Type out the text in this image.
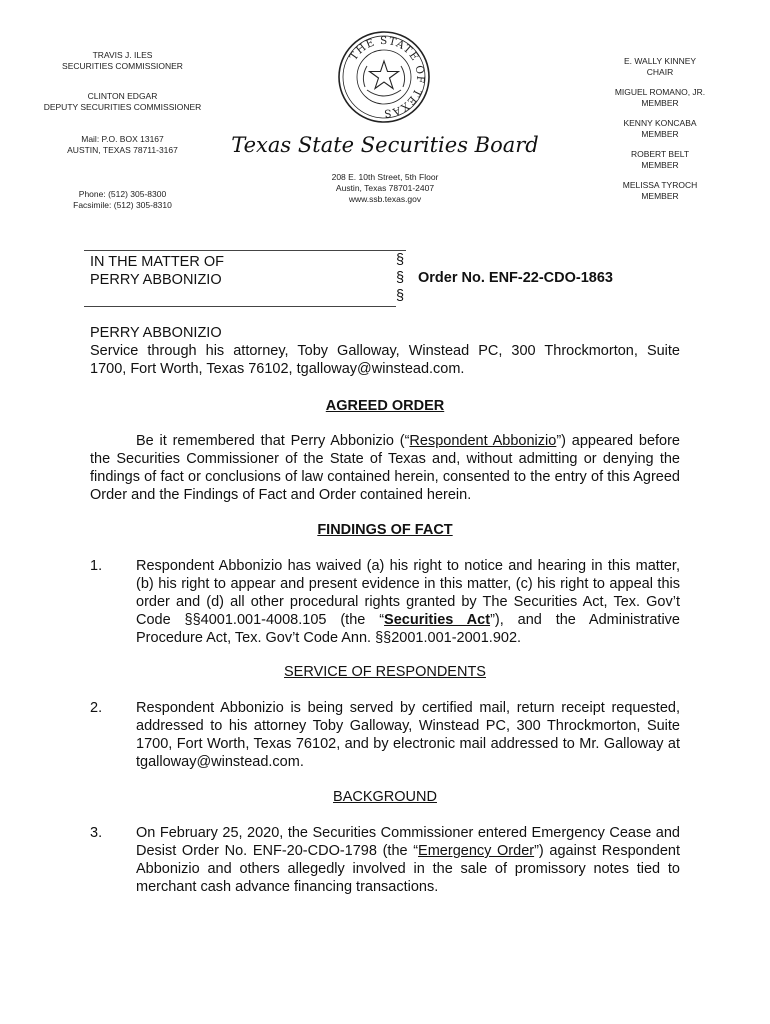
TRAVIS J. ILES
SECURITIES COMMISSIONER
CLINTON EDGAR
DEPUTY SECURITIES COMMISSIONER
Mail: P.O. BOX 13167
AUSTIN, TEXAS 78711-3167
Phone: (512) 305-8300
Facsimile: (512) 305-8310
THE STATE OF TEXAS
Texas State Securities Board
208 E. 10th Street, 5th Floor
Austin, Texas 78701-2407
www.ssb.texas.gov
E. WALLY KINNEY
CHAIR
MIGUEL ROMANO, JR.
MEMBER
KENNY KONCABA
MEMBER
ROBERT BELT
MEMBER
MELISSA TYROCH
MEMBER
IN THE MATTER OF
PERRY ABBONIZIO
§
§
§
Order No. ENF-22-CDO-1863
PERRY ABBONIZIO
Service through his attorney, Toby Galloway, Winstead PC, 300 Throckmorton, Suite
1700, Fort Worth, Texas 76102, tgalloway@winstead.com.
AGREED ORDER
Be it remembered that Perry Abbonizio (“Respondent Abbonizio”) appeared before the Securities Commissioner of the State of Texas and, without admitting or denying the findings of fact or conclusions of law contained herein, consented to the entry of this Agreed Order and the Findings of Fact and Order contained herein.
FINDINGS OF FACT
1.	Respondent Abbonizio has waived (a) his right to notice and hearing in this matter, (b) his right to appear and present evidence in this matter, (c) his right to appeal this order and (d) all other procedural rights granted by The Securities Act, Tex. Gov’t Code §§4001.001-4008.105 (the “Securities Act”), and the Administrative Procedure Act, Tex. Gov’t Code Ann. §§2001.001-2001.902.
SERVICE OF RESPONDENTS
2.	Respondent Abbonizio is being served by certified mail, return receipt requested, addressed to his attorney Toby Galloway, Winstead PC, 300 Throckmorton, Suite 1700, Fort Worth, Texas 76102, and by electronic mail addressed to Mr. Galloway at tgalloway@winstead.com.
BACKGROUND
3.	On February 25, 2020, the Securities Commissioner entered Emergency Cease and Desist Order No. ENF-20-CDO-1798 (the “Emergency Order”) against Respondent Abbonizio and others allegedly involved in the sale of promissory notes tied to merchant cash advance financing transactions.
